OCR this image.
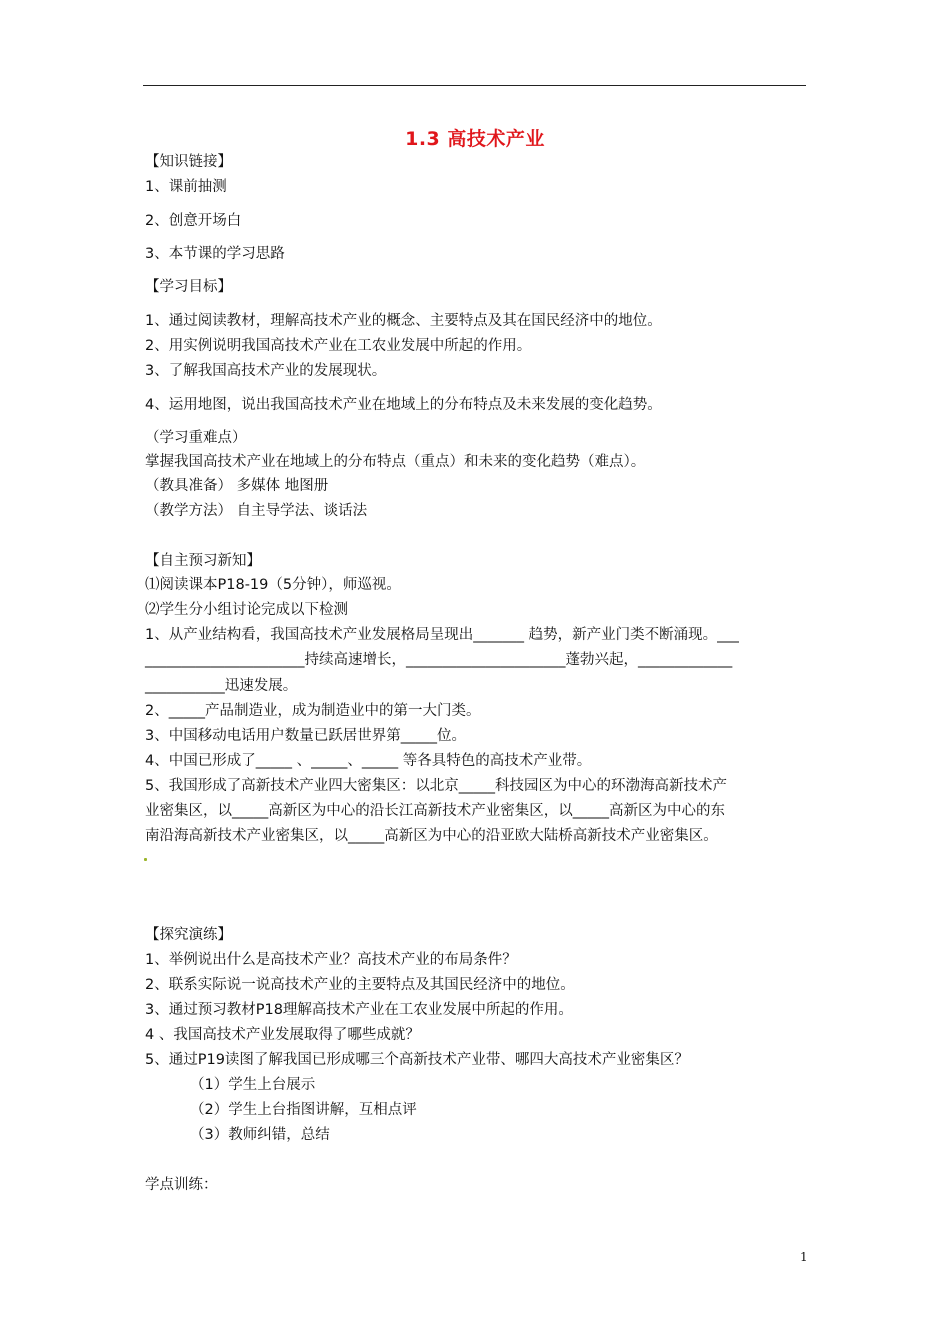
1.3 高技术产业
【知识链接】
1、课前抽测
2、创意开场白
3、本节课的学习思路
【学习目标】
1、通过阅读教材，理解高技术产业的概念、主要特点及其在国民经济中的地位。
2、用实例说明我国高技术产业在工农业发展中所起的作用。
3、了解我国高技术产业的发展现状。
4、运用地图，说出我国高技术产业在地域上的分布特点及未来发展的变化趋势。
（学习重难点）
掌握我国高技术产业在地域上的分布特点（重点）和未来的变化趋势（难点）。
（教具准备） 多媒体 地图册
（教学方法） 自主导学法、谈话法
【自主预习新知】
⑴阅读课本P18-19（5分钟），师巡视。
⑵学生分小组讨论完成以下检测
1、从产业结构看，我国高技术产业发展格局呈现出_______ 趋势，新产业门类不断涌现。___
______________________持续高速增长，______________________蓬勃兴起，_____________
___________迅速发展。
2、_____产品制造业，成为制造业中的第一大门类。
3、中国移动电话用户数量已跃居世界第_____位。
4、中国已形成了_____ 、_____、_____ 等各具特色的高技术产业带。
5、我国形成了高新技术产业四大密集区：以北京_____科技园区为中心的环渤海高新技术产
业密集区，以_____高新区为中心的沿长江高新技术产业密集区，以_____高新区为中心的东
南沿海高新技术产业密集区，以_____高新区为中心的沿亚欧大陆桥高新技术产业密集区。
【探究演练】
1、举例说出什么是高技术产业？高技术产业的布局条件？
2、联系实际说一说高技术产业的主要特点及其国民经济中的地位。
3、通过预习教材P18理解高技术产业在工农业发展中所起的作用。
4 、我国高技术产业发展取得了哪些成就？
5、通过P19读图了解我国已形成哪三个高新技术产业带、哪四大高技术产业密集区？
（1）学生上台展示
（2）学生上台指图讲解，互相点评
（3）教师纠错，总结
学点训练：
1
